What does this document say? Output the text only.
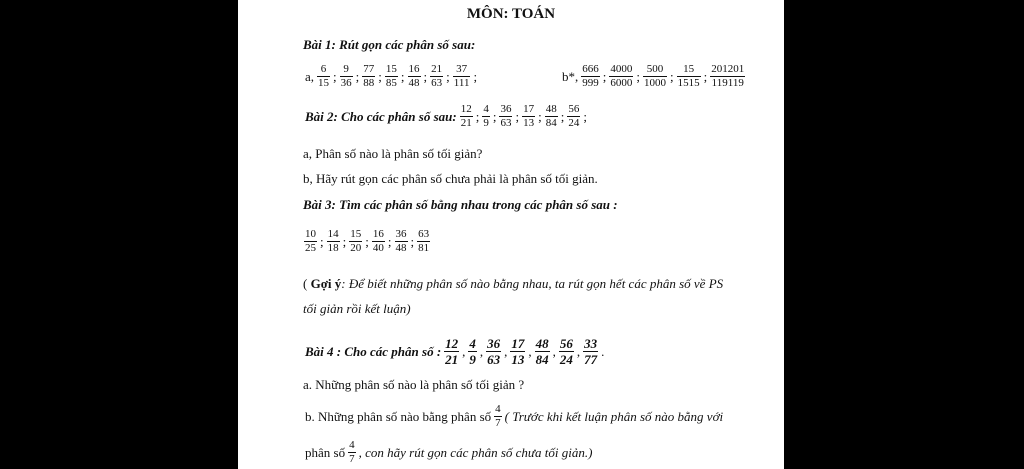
MÔN: TOÁN
Bài 1: Rút gọn các phân số sau:
a, $\frac{6}{15}$ ; $\frac{9}{36}$ ; $\frac{77}{88}$ ; $\frac{15}{85}$ ; $\frac{16}{48}$ ; $\frac{21}{63}$ ; $\frac{37}{111}$ ;	b*, $\frac{666}{999}$ ; $\frac{4000}{6000}$ ; $\frac{500}{1000}$ ; $\frac{15}{1515}$ ; $\frac{201201}{119119}$
Bài 2: Cho các phân số sau: $\frac{12}{21}$ ; $\frac{4}{9}$ ; $\frac{36}{63}$ ; $\frac{17}{13}$ ; $\frac{48}{84}$ ; $\frac{56}{24}$ ;
a, Phân số nào là phân số tối giản?
b, Hãy rút gọn các phân số chưa phải là phân số tối giản.
Bài 3: Tìm các phân số bằng nhau trong các phân số sau :
$\frac{10}{25}$ ; $\frac{14}{18}$ ; $\frac{15}{20}$ ; $\frac{16}{40}$ ; $\frac{36}{48}$ ; $\frac{63}{81}$
( Gợi ý: Để biết những phân số nào bằng nhau, ta rút gọn hết các phân số về PS
tối giản rồi kết luận)
Bài 4 : Cho các phân số : $\frac{12}{21}$ , $\frac{4}{9}$ , $\frac{36}{63}$ , $\frac{17}{13}$ , $\frac{48}{84}$ , $\frac{56}{24}$ , $\frac{33}{77}$ .
a. Những phân số nào là phân số tối giản ?
b. Những phân số nào bằng phân số $\frac{4}{7}$ ( Trước khi kết luận phân số nào bằng với
phân số $\frac{4}{7}$ , con hãy rút gọn các phân số chưa tối giản.)
